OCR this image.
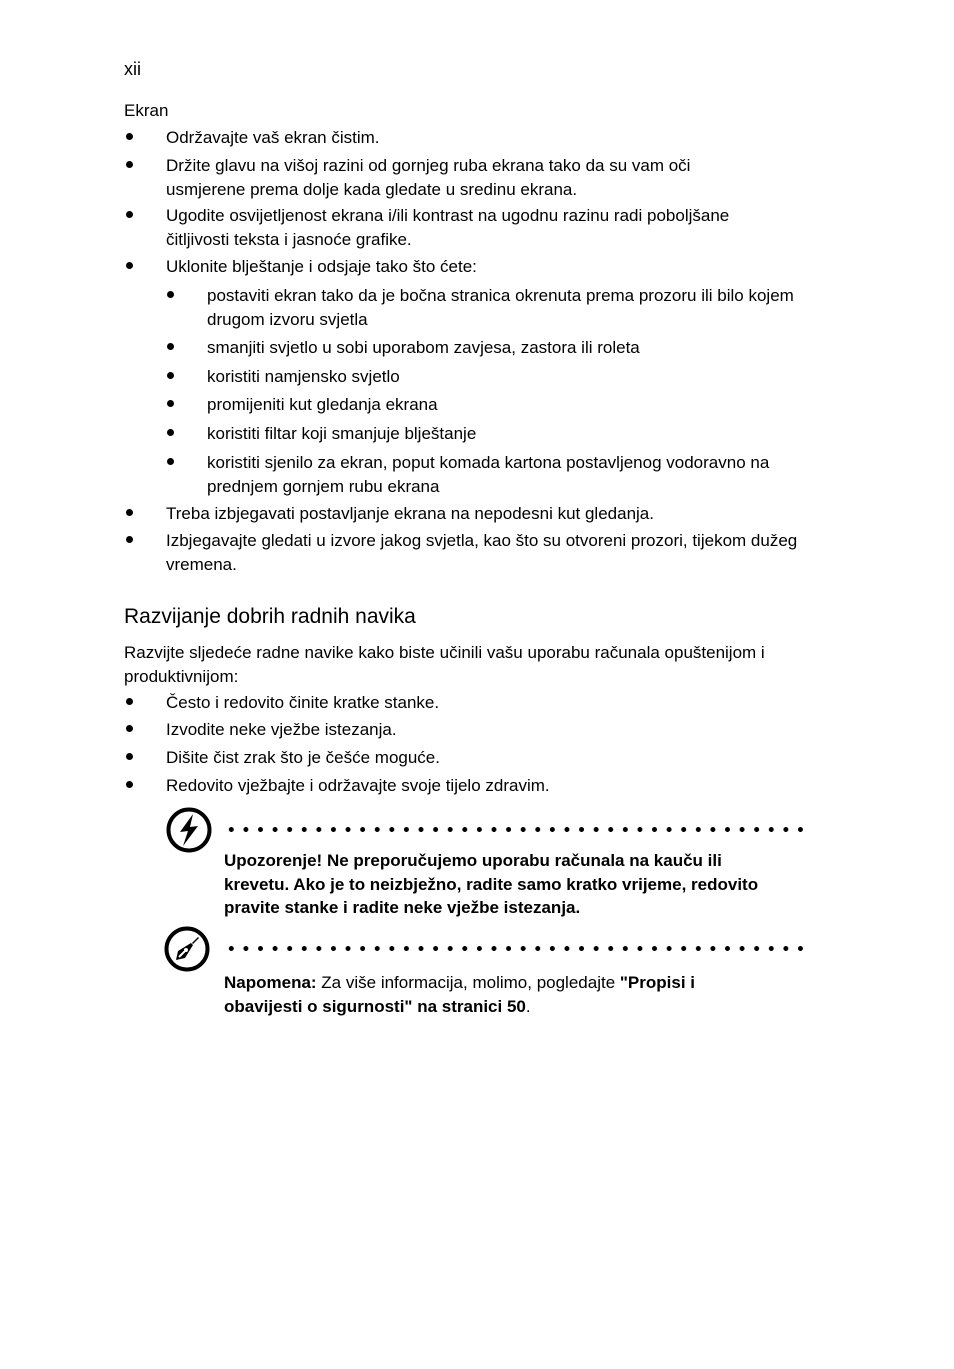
xii
Ekran
Održavajte vaš ekran čistim.
Držite glavu na višoj razini od gornjeg ruba ekrana tako da su vam oči usmjerene prema dolje kada gledate u sredinu ekrana.
Ugodite osvijetljenost ekrana i/ili kontrast na ugodnu razinu radi poboljšane čitljivosti teksta i jasnoće grafike.
Uklonite blještanje i odsjaje tako što ćete:
postaviti ekran tako da je bočna stranica okrenuta prema prozoru ili bilo kojem drugom izvoru svjetla
smanjiti svjetlo u sobi uporabom zavjesa, zastora ili roleta
koristiti namjensko svjetlo
promijeniti kut gledanja ekrana
koristiti filtar koji smanjuje blještanje
koristiti sjenilo za ekran, poput komada kartona postavljenog vodoravno na prednjem gornjem rubu ekrana
Treba izbjegavati postavljanje ekrana na nepodesni kut gledanja.
Izbjegavajte gledati u izvore jakog svjetla, kao što su otvoreni prozori, tijekom dužeg vremena.
Razvijanje dobrih radnih navika
Razvijte sljedeće radne navike kako biste učinili vašu uporabu računala opuštenijom i produktivnijom:
Često i redovito činite kratke stanke.
Izvodite neke vježbe istezanja.
Dišite čist zrak što je češće moguće.
Redovito vježbajte i održavajte svoje tijelo zdravim.
Upozorenje! Ne preporučujemo uporabu računala na kauču ili krevetu. Ako je to neizbježno, radite samo kratko vrijeme, redovito pravite stanke i radite neke vježbe istezanja.
Napomena: Za više informacija, molimo, pogledajte "Propisi i obavijesti o sigurnosti" na stranici 50.
